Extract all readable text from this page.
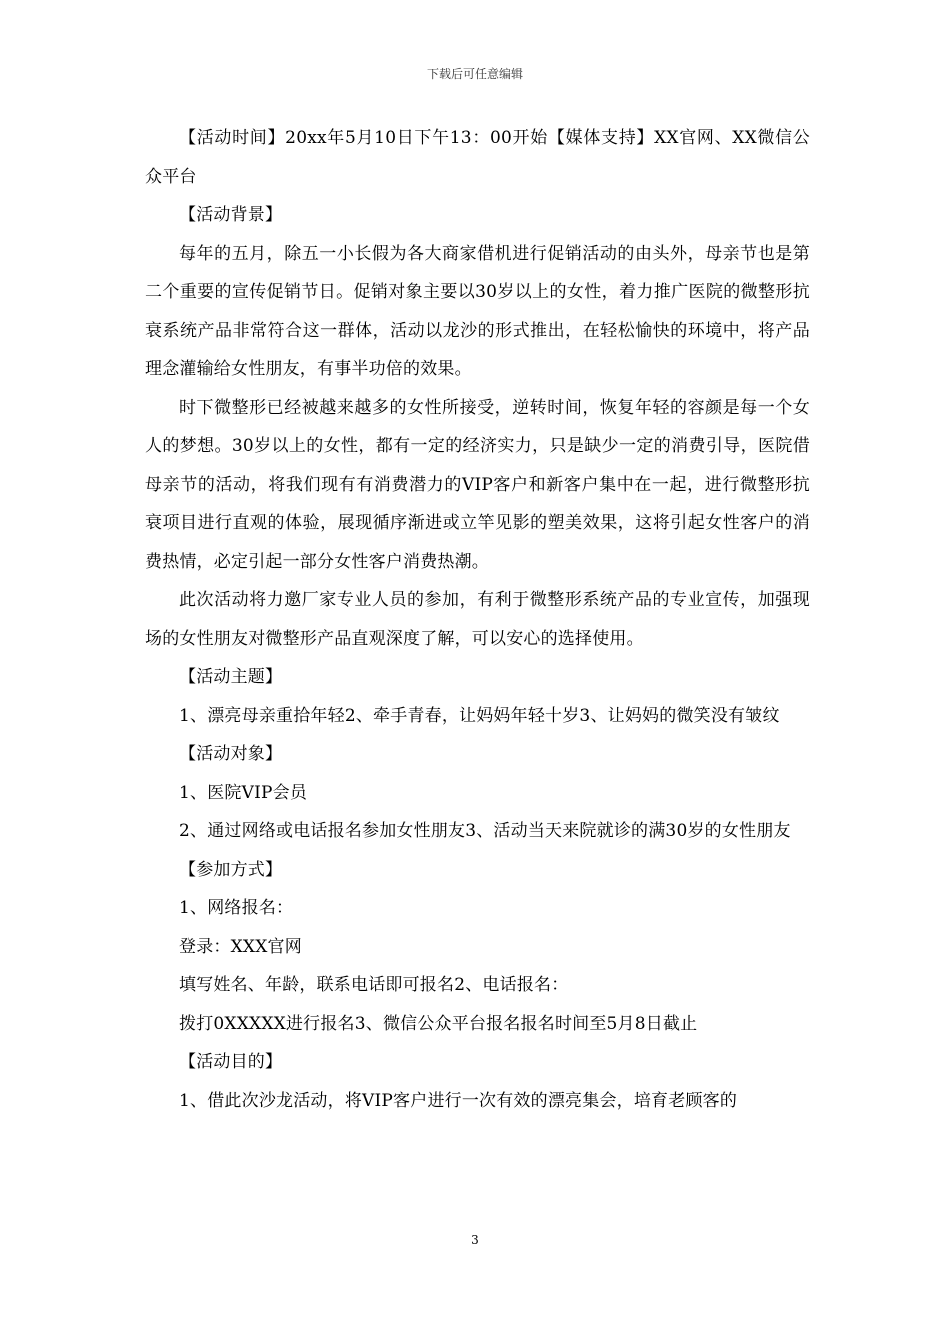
下载后可任意编辑

【活动时间】20xx年5月10日下午13：00开始【媒体支持】XX官网、XX微信公众平台

【活动背景】

每年的五月，除五一小长假为各大商家借机进行促销活动的由头外，母亲节也是第二个重要的宣传促销节日。促销对象主要以30岁以上的女性，着力推广医院的微整形抗衰系统产品非常符合这一群体，活动以龙沙的形式推出，在轻松愉快的环境中，将产品理念灌输给女性朋友，有事半功倍的效果。

时下微整形已经被越来越多的女性所接受，逆转时间，恢复年轻的容颜是每一个女人的梦想。30岁以上的女性，都有一定的经济实力，只是缺少一定的消费引导，医院借母亲节的活动，将我们现有有消费潜力的VIP客户和新客户集中在一起，进行微整形抗衰项目进行直观的体验，展现循序渐进或立竿见影的塑美效果，这将引起女性客户的消费热情，必定引起一部分女性客户消费热潮。

此次活动将力邀厂家专业人员的参加，有利于微整形系统产品的专业宣传，加强现场的女性朋友对微整形产品直观深度了解，可以安心的选择使用。

【活动主题】

1、漂亮母亲重拾年轻2、牵手青春，让妈妈年轻十岁3、让妈妈的微笑没有皱纹

【活动对象】

1、医院VIP会员

2、通过网络或电话报名参加女性朋友3、活动当天来院就诊的满30岁的女性朋友

【参加方式】

1、网络报名：

登录：XXX官网

填写姓名、年龄，联系电话即可报名2、电话报名：

拨打0XXXXX进行报名3、微信公众平台报名报名时间至5月8日截止

【活动目的】

1、借此次沙龙活动，将VIP客户进行一次有效的漂亮集会，培育老顾客的

3
